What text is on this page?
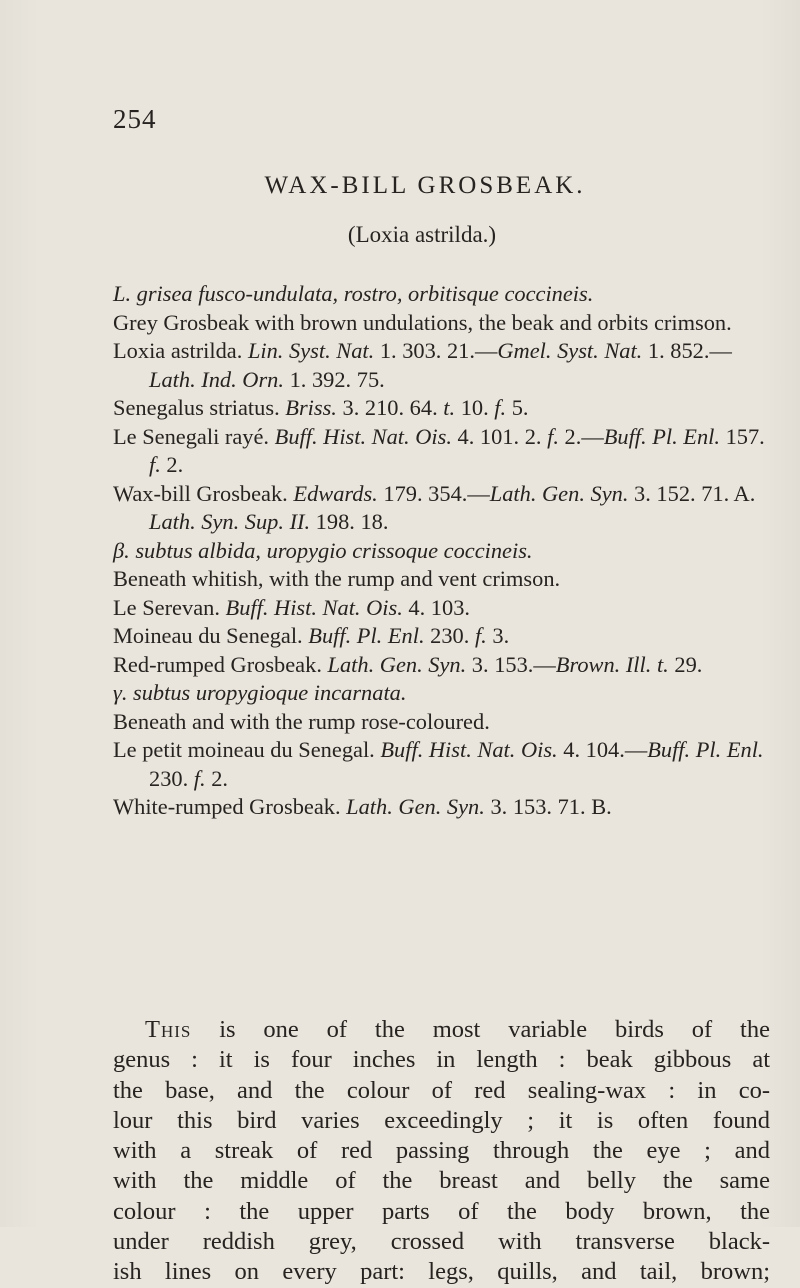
254
WAX-BILL GROSBEAK.
(Loxia astrilda.)
L. grisea fusco-undulata, rostro, orbitisque coccineis.
Grey Grosbeak with brown undulations, the beak and orbits crimson.
Loxia astrilda. Lin. Syst. Nat. 1. 303. 21.—Gmel. Syst. Nat. 1. 852.—Lath. Ind. Orn. 1. 392. 75.
Senegalus striatus. Briss. 3. 210. 64. t. 10. f. 5.
Le Senegali rayé. Buff. Hist. Nat. Ois. 4. 101. 2. f. 2.—Buff. Pl. Enl. 157. f. 2.
Wax-bill Grosbeak. Edwards. 179. 354.—Lath. Gen. Syn. 3. 152. 71. A. Lath. Syn. Sup. II. 198. 18.
β. subtus albida, uropygio crissoque coccineis.
Beneath whitish, with the rump and vent crimson.
Le Serevan. Buff. Hist. Nat. Ois. 4. 103.
Moineau du Senegal. Buff. Pl. Enl. 230. f. 3.
Red-rumped Grosbeak. Lath. Gen. Syn. 3. 153.—Brown. Ill. t. 29.
γ. subtus uropygioque incarnata.
Beneath and with the rump rose-coloured.
Le petit moineau du Senegal. Buff. Hist. Nat. Ois. 4. 104.—Buff. Pl. Enl. 230. f. 2.
White-rumped Grosbeak. Lath. Gen. Syn. 3. 153. 71. B.
This is one of the most variable birds of the
genus : it is four inches in length : beak gibbous at
the base, and the colour of red sealing-wax : in co-
lour this bird varies exceedingly ; it is often found
with a streak of red passing through the eye ; and
with the middle of the breast and belly the same
colour : the upper parts of the body brown, the
under reddish grey, crossed with transverse black-
ish lines on every part: legs, quills, and tail, brown;
